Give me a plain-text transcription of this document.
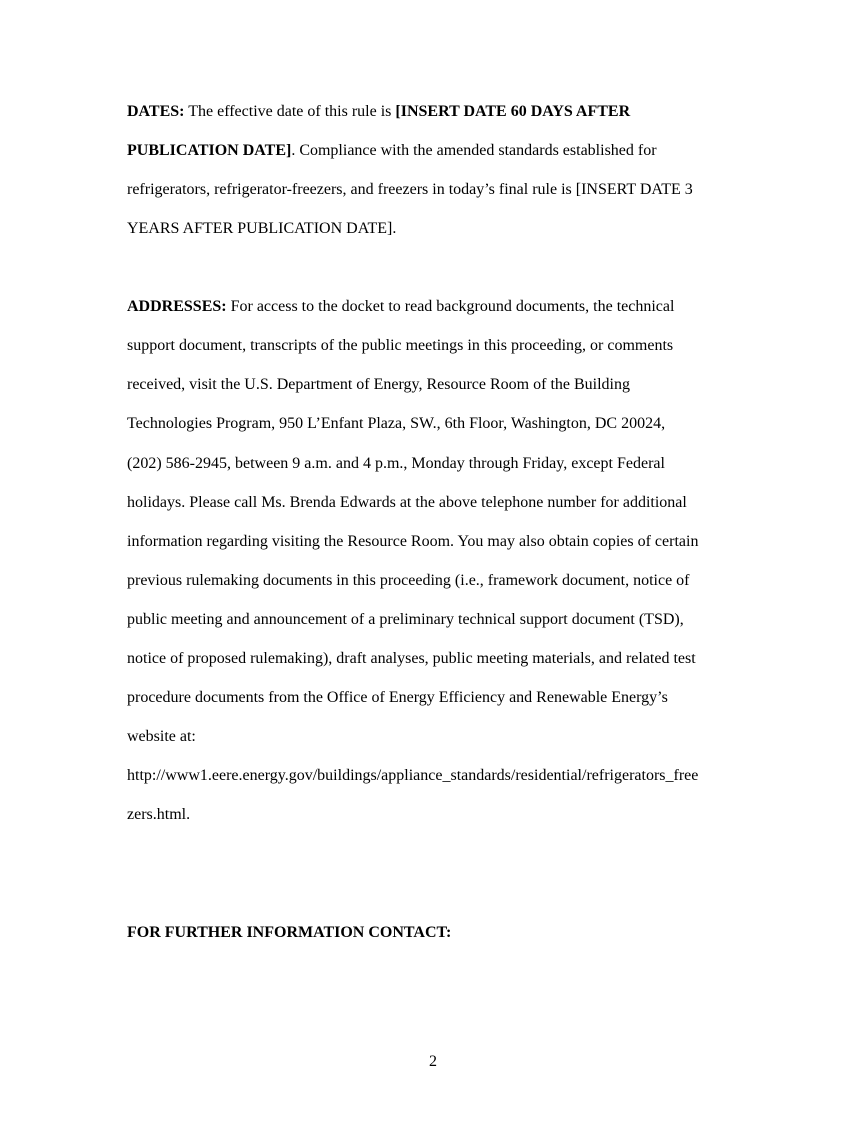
DATES: The effective date of this rule is [INSERT DATE 60 DAYS AFTER
PUBLICATION DATE]. Compliance with the amended standards established for
refrigerators, refrigerator-freezers, and freezers in today’s final rule is [INSERT DATE 3
YEARS AFTER PUBLICATION DATE].
ADDRESSES: For access to the docket to read background documents, the technical
support document, transcripts of the public meetings in this proceeding, or comments
received, visit the U.S. Department of Energy, Resource Room of the Building
Technologies Program, 950 L’Enfant Plaza, SW., 6th Floor, Washington, DC 20024,
(202) 586-2945, between 9 a.m. and 4 p.m., Monday through Friday, except Federal
holidays. Please call Ms. Brenda Edwards at the above telephone number for additional
information regarding visiting the Resource Room. You may also obtain copies of certain
previous rulemaking documents in this proceeding (i.e., framework document, notice of
public meeting and announcement of a preliminary technical support document (TSD),
notice of proposed rulemaking), draft analyses, public meeting materials, and related test
procedure documents from the Office of Energy Efficiency and Renewable Energy’s
website at:
http://www1.eere.energy.gov/buildings/appliance_standards/residential/refrigerators_free
zers.html.
FOR FURTHER INFORMATION CONTACT:
2
